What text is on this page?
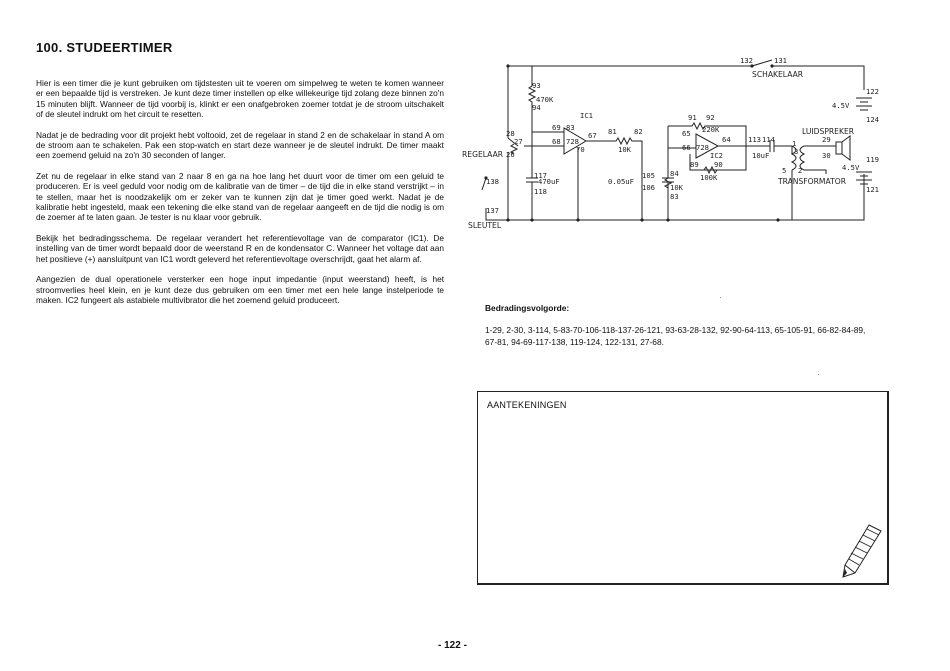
100. STUDEERTIMER

Hier is een timer die je kunt gebruiken om tijdstesten uit te voeren om simpelweg te weten te komen wanneer er een bepaalde tijd is verstreken. Je kunt deze timer instellen op elke willekeurige tijd zolang deze binnen zo'n 15 minuten blijft. Wanneer de tijd voorbij is, klinkt er een onafgebroken zoemer totdat je de stroom uitschakelt of de sleutel indrukt om het circuit te resetten.

Nadat je de bedrading voor dit projekt hebt voltooid, zet de regelaar in stand 2 en de schakelaar in stand A om de stroom aan te schakelen. Pak een stop-watch en start deze wanneer je de sleutel indrukt. De timer maakt een zoemend geluid na zo'n 30 seconden of langer.

Zet nu de regelaar in elke stand van 2 naar 8 en ga na hoe lang het duurt voor de timer om een geluid te produceren. Er is veel geduld voor nodig om de kalibratie van de timer – de tijd die in elke stand verstrijkt – in te stellen, maar het is noodzakelijk om er zeker van te kunnen zijn dat je timer goed werkt. Nadat je de kalibratie hebt ingesteld, maak een tekening die elke stand van de regelaar aangeeft en de tijd die nodig is om de zoemer af te laten gaan. Je tester is nu klaar voor gebruik.

Bekijk het bedradingsschema. De regelaar verandert het referentievoltage van de comparator (IC1). De instelling van de timer wordt bepaald door de weerstand R en de kondensator C. Wanneer het voltage dat aan het positieve (+) aansluitpunt van IC1 wordt geleverd het referentievoltage overschrijdt, gaat het alarm af.

Aangezien de dual operationele versterker een hoge input impedantie (input weerstand) heeft, is het stroomverlies heel klein, en je kunt deze dus gebruiken om een timer met een hele lange instelperiode te maken. IC2 fungeert als astabiele multivibrator die het zoemend geluid produceert.

132	131
SCHAKELAAR
93
470K
94
IC1
728
69
68
83
67
70
81 82
10K
28
27
26
REGELAAR
138
137
SLEUTEL
117
470uF
118
0.05uF
105
106
84
10K
83
91 92
220K
728
IC2
65
66
64
89 90
100K
113 114
10uF
1
2
3
5
TRANSFORMATOR
29
30
LUIDSPREKER
122
124
119
121
4.5V
4.5V
Bedradingsvolgorde:
1-29, 2-30, 3-114, 5-83-70-106-118-137-26-121, 93-63-28-132, 92-90-64-113, 65-105-91, 66-82-84-89, 67-81, 94-69-117-138, 119-124, 122-131, 27-68.
AANTEKENINGEN
- 122 -
